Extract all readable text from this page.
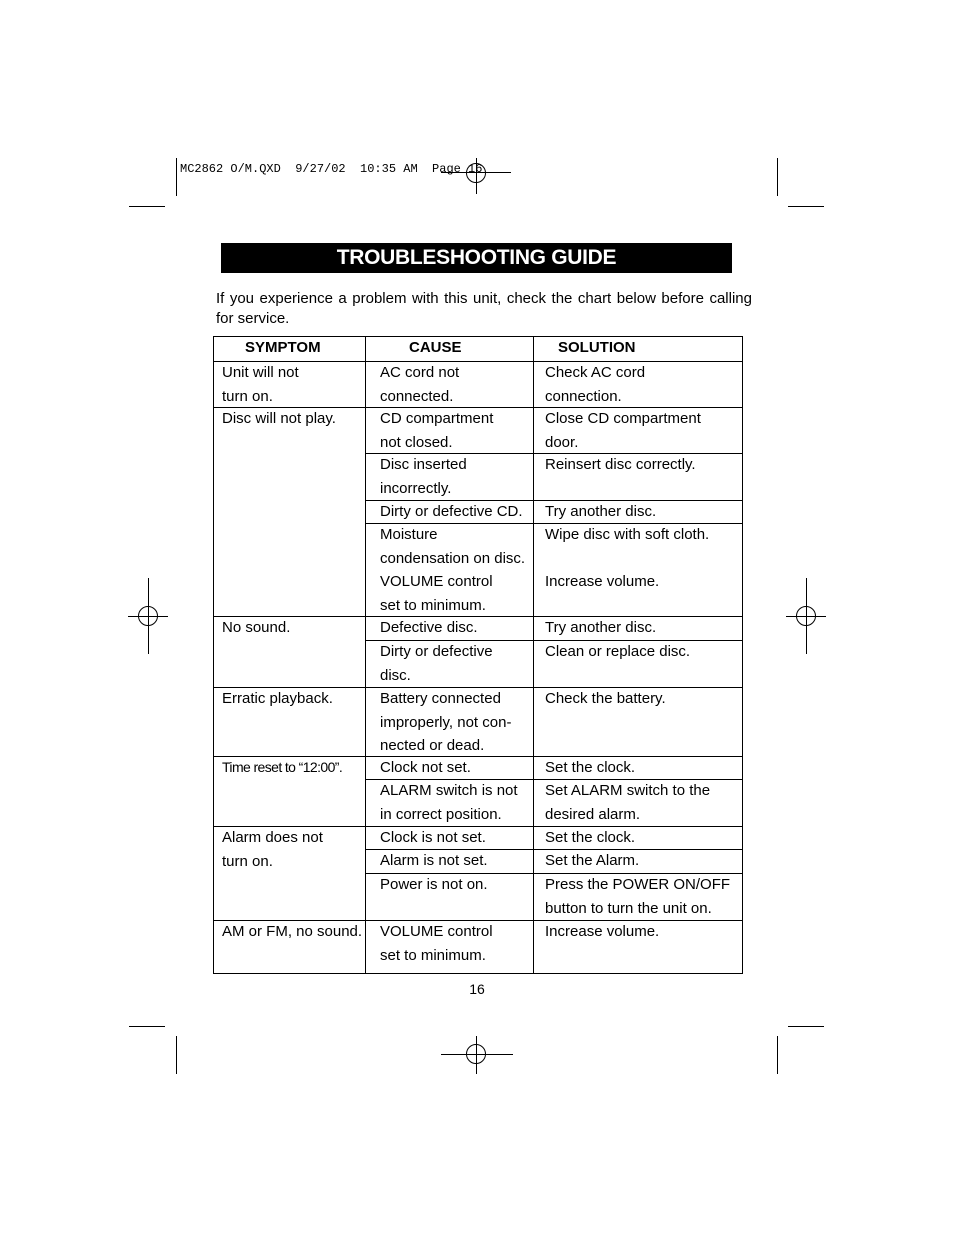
MC2862 O/M.QXD  9/27/02  10:35 AM  Page 16
TROUBLESHOOTING GUIDE
If you experience a problem with this unit, check the chart below before calling for service.
SYMPTOM	CAUSE	SOLUTION
Unit will not
turn on.
Disc will not play.
No sound.
Erratic playback.
Time reset to “12:00”.
Alarm does not
turn on.
AM or FM, no sound.
AC cord not
connected.
CD compartment
not closed.
Disc inserted
incorrectly.
Dirty or defective CD.
Moisture
condensation on disc.
VOLUME control
set to minimum.
Defective disc.
Dirty or defective
disc.
Battery connected
improperly, not con-
nected or dead.
Clock not set.
ALARM switch is not
in correct position.
Clock is not set.
Alarm is not set.
Power is not on.
VOLUME control
set to minimum.
Check AC cord
connection.
Close CD compartment
door.
Reinsert disc correctly.
Try another disc.
Wipe disc with soft cloth.
Increase volume.
Try another disc.
Clean or replace disc.
Check the battery.
Set the clock.
Set ALARM switch to the
desired alarm.
Set the clock.
Set the Alarm.
Press the POWER ON/OFF
button to turn the unit on.
Increase volume.
16
